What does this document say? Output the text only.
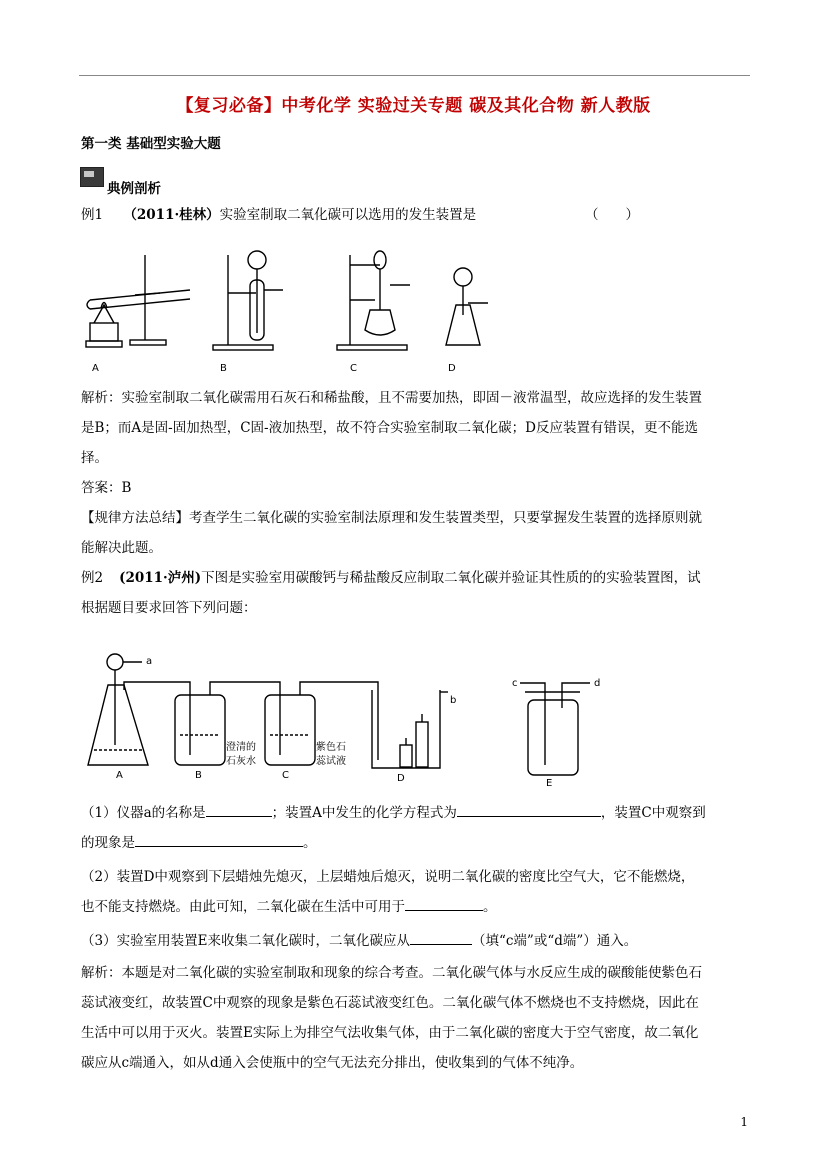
【复习必备】中考化学 实验过关专题 碳及其化合物 新人教版
第一类 基础型实验大题
典例剖析
例1 （2011·桂林）实验室制取二氧化碳可以选用的发生装置是	（　　）
A	B	C	D
解析：实验室制取二氧化碳需用石灰石和稀盐酸，且不需要加热，即固－液常温型，故应选择的发生装置
是B；而A是固-固加热型，C固-液加热型，故不符合实验室制取二氧化碳；D反应装置有错误，更不能选
择。
答案：B
【规律方法总结】考查学生二氧化碳的实验室制法原理和发生装置类型，只要掌握发生装置的选择原则就
能解决此题。
例2 (2011·泸州)下图是实验室用碳酸钙与稀盐酸反应制取二氧化碳并验证其性质的的实验装置图，试
根据题目要求回答下列问题：
a
b
c	d
A	B	C	D	E
澄清的
石灰水
紫色石
蕊试液
（1）仪器a的名称是	；装置A中发生的化学方程式为	，装置C中观察到
的现象是	。
（2）装置D中观察到下层蜡烛先熄灭，上层蜡烛后熄灭，说明二氧化碳的密度比空气大，它不能燃烧，
也不能支持燃烧。由此可知，二氧化碳在生活中可用于	。
（3）实验室用装置E来收集二氧化碳时，二氧化碳应从	（填“c端”或“d端”）通入。
解析：本题是对二氧化碳的实验室制取和现象的综合考查。二氧化碳气体与水反应生成的碳酸能使紫色石
蕊试液变红，故装置C中观察的现象是紫色石蕊试液变红色。二氧化碳气体不燃烧也不支持燃烧，因此在
生活中可以用于灭火。装置E实际上为排空气法收集气体，由于二氧化碳的密度大于空气密度，故二氧化
碳应从c端通入，如从d通入会使瓶中的空气无法充分排出，使收集到的气体不纯净。
1
